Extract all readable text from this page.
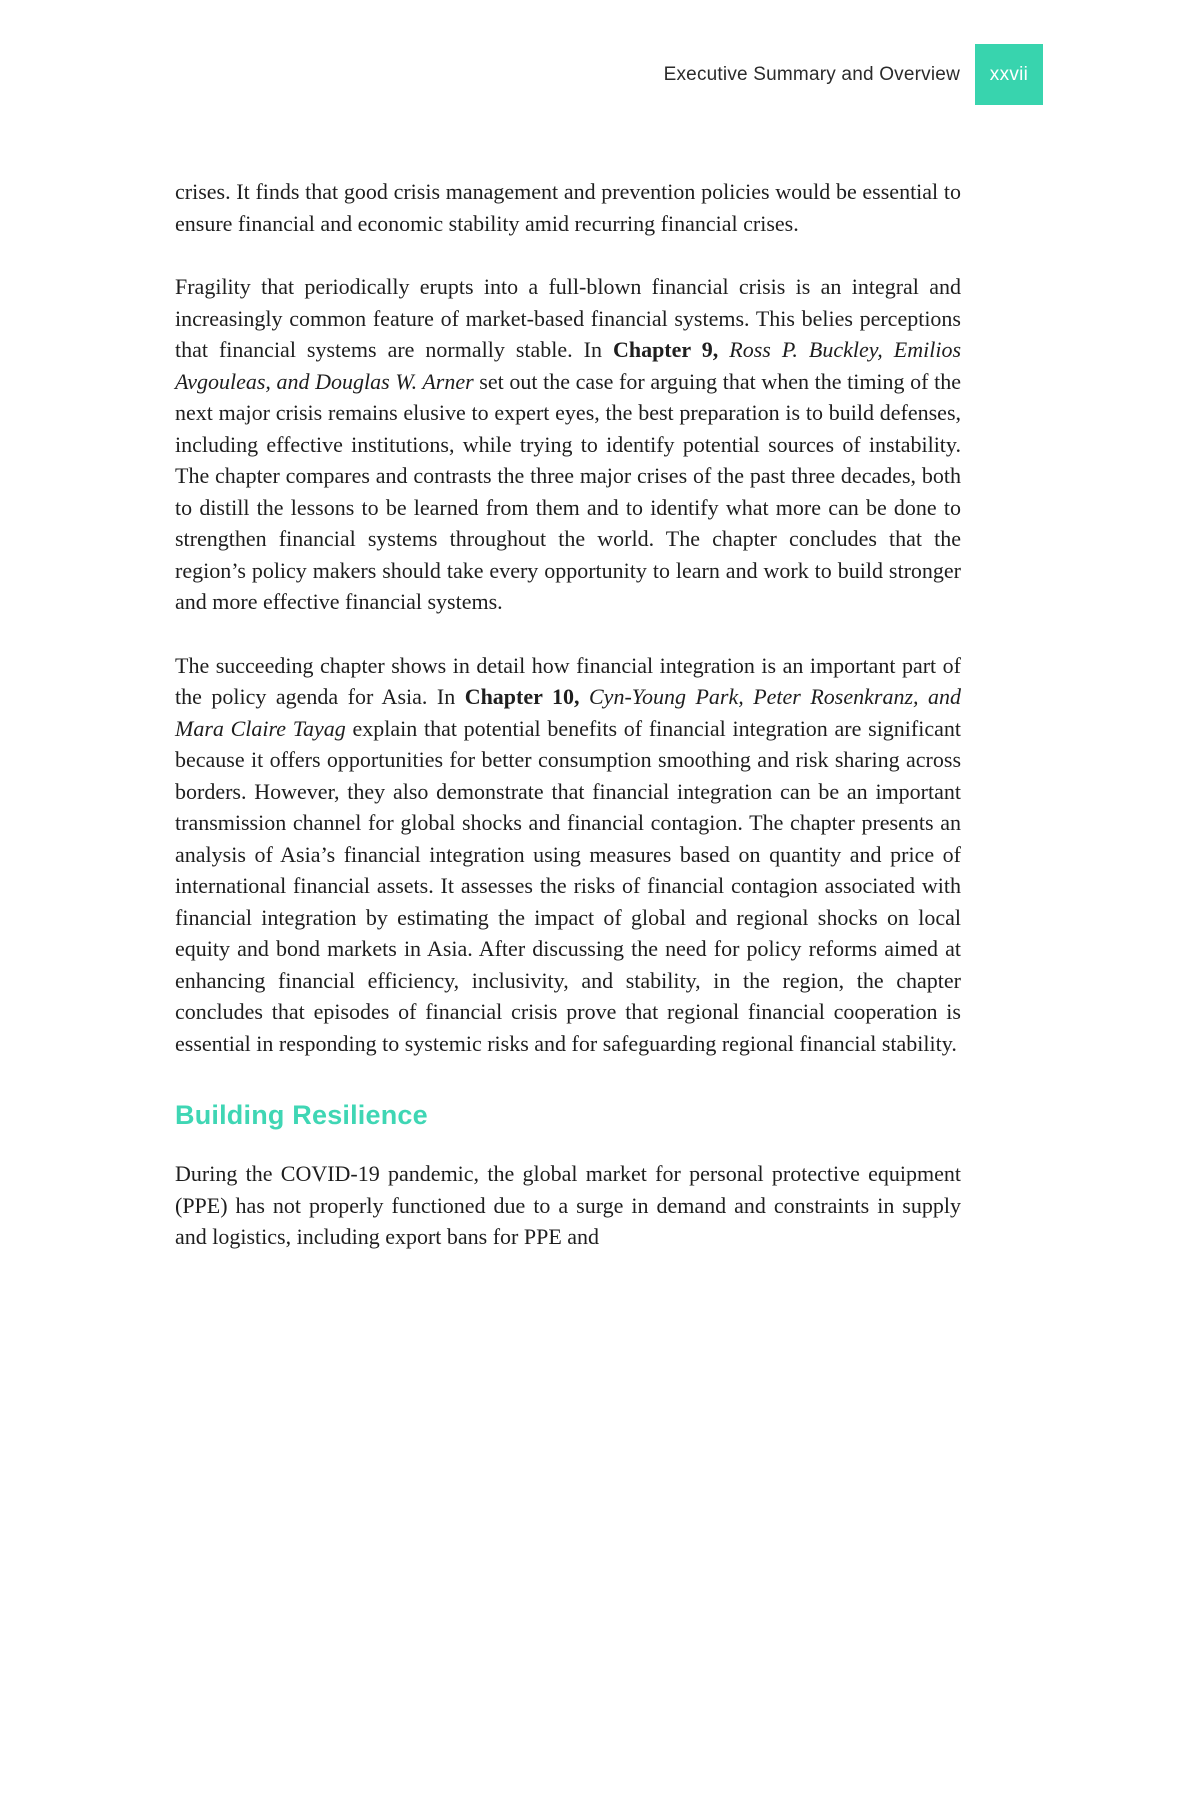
Executive Summary and Overview xxvii

crises. It finds that good crisis management and prevention policies would be essential to ensure financial and economic stability amid recurring financial crises.

Fragility that periodically erupts into a full-blown financial crisis is an integral and increasingly common feature of market-based financial systems. This belies perceptions that financial systems are normally stable. In Chapter 9, Ross P. Buckley, Emilios Avgouleas, and Douglas W. Arner set out the case for arguing that when the timing of the next major crisis remains elusive to expert eyes, the best preparation is to build defenses, including effective institutions, while trying to identify potential sources of instability. The chapter compares and contrasts the three major crises of the past three decades, both to distill the lessons to be learned from them and to identify what more can be done to strengthen financial systems throughout the world. The chapter concludes that the region’s policy makers should take every opportunity to learn and work to build stronger and more effective financial systems.

The succeeding chapter shows in detail how financial integration is an important part of the policy agenda for Asia. In Chapter 10, Cyn-Young Park, Peter Rosenkranz, and Mara Claire Tayag explain that potential benefits of financial integration are significant because it offers opportunities for better consumption smoothing and risk sharing across borders. However, they also demonstrate that financial integration can be an important transmission channel for global shocks and financial contagion. The chapter presents an analysis of Asia’s financial integration using measures based on quantity and price of international financial assets. It assesses the risks of financial contagion associated with financial integration by estimating the impact of global and regional shocks on local equity and bond markets in Asia. After discussing the need for policy reforms aimed at enhancing financial efficiency, inclusivity, and stability, in the region, the chapter concludes that episodes of financial crisis prove that regional financial cooperation is essential in responding to systemic risks and for safeguarding regional financial stability.

Building Resilience

During the COVID-19 pandemic, the global market for personal protective equipment (PPE) has not properly functioned due to a surge in demand and constraints in supply and logistics, including export bans for PPE and
